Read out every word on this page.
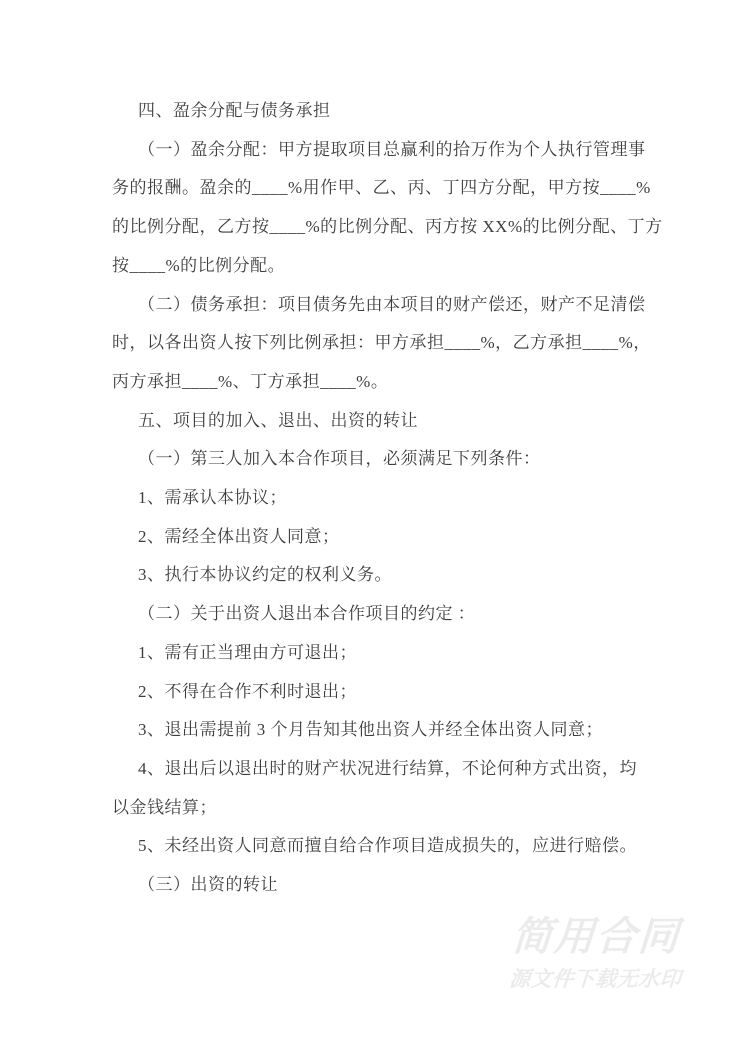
四、盈余分配与债务承担
（一）盈余分配：甲方提取项目总赢利的拾万作为个人执行管理事
务的报酬。盈余的____%用作甲、乙、丙、丁四方分配，甲方按____%
的比例分配，乙方按____%的比例分配、丙方按 XX%的比例分配、丁方
按____%的比例分配。
（二）债务承担：项目债务先由本项目的财产偿还，财产不足清偿
时，以各出资人按下列比例承担：甲方承担____%，乙方承担____%，
丙方承担____%、丁方承担____%。
五、项目的加入、退出、出资的转让
（一）第三人加入本合作项目，必须满足下列条件：
1、需承认本协议；
2、需经全体出资人同意；
3、执行本协议约定的权利义务。
（二）关于出资人退出本合作项目的约定 ：
1、需有正当理由方可退出；
2、不得在合作不利时退出；
3、退出需提前 3 个月告知其他出资人并经全体出资人同意；
4、退出后以退出时的财产状况进行结算，不论何种方式出资，均
以金钱结算；
5、未经出资人同意而擅自给合作项目造成损失的，应进行赔偿。
（三）出资的转让
简用合同
源文件下载无水印
